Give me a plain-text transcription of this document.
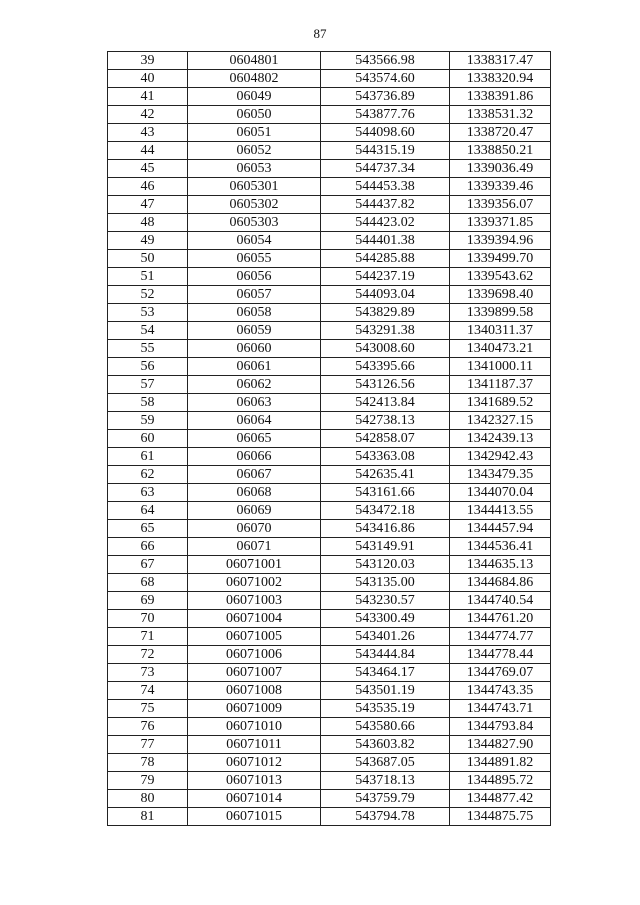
87
39	0604801	543566.98	1338317.47
40	0604802	543574.60	1338320.94
41	06049	543736.89	1338391.86
42	06050	543877.76	1338531.32
43	06051	544098.60	1338720.47
44	06052	544315.19	1338850.21
45	06053	544737.34	1339036.49
46	0605301	544453.38	1339339.46
47	0605302	544437.82	1339356.07
48	0605303	544423.02	1339371.85
49	06054	544401.38	1339394.96
50	06055	544285.88	1339499.70
51	06056	544237.19	1339543.62
52	06057	544093.04	1339698.40
53	06058	543829.89	1339899.58
54	06059	543291.38	1340311.37
55	06060	543008.60	1340473.21
56	06061	543395.66	1341000.11
57	06062	543126.56	1341187.37
58	06063	542413.84	1341689.52
59	06064	542738.13	1342327.15
60	06065	542858.07	1342439.13
61	06066	543363.08	1342942.43
62	06067	542635.41	1343479.35
63	06068	543161.66	1344070.04
64	06069	543472.18	1344413.55
65	06070	543416.86	1344457.94
66	06071	543149.91	1344536.41
67	06071001	543120.03	1344635.13
68	06071002	543135.00	1344684.86
69	06071003	543230.57	1344740.54
70	06071004	543300.49	1344761.20
71	06071005	543401.26	1344774.77
72	06071006	543444.84	1344778.44
73	06071007	543464.17	1344769.07
74	06071008	543501.19	1344743.35
75	06071009	543535.19	1344743.71
76	06071010	543580.66	1344793.84
77	06071011	543603.82	1344827.90
78	06071012	543687.05	1344891.82
79	06071013	543718.13	1344895.72
80	06071014	543759.79	1344877.42
81	06071015	543794.78	1344875.75
